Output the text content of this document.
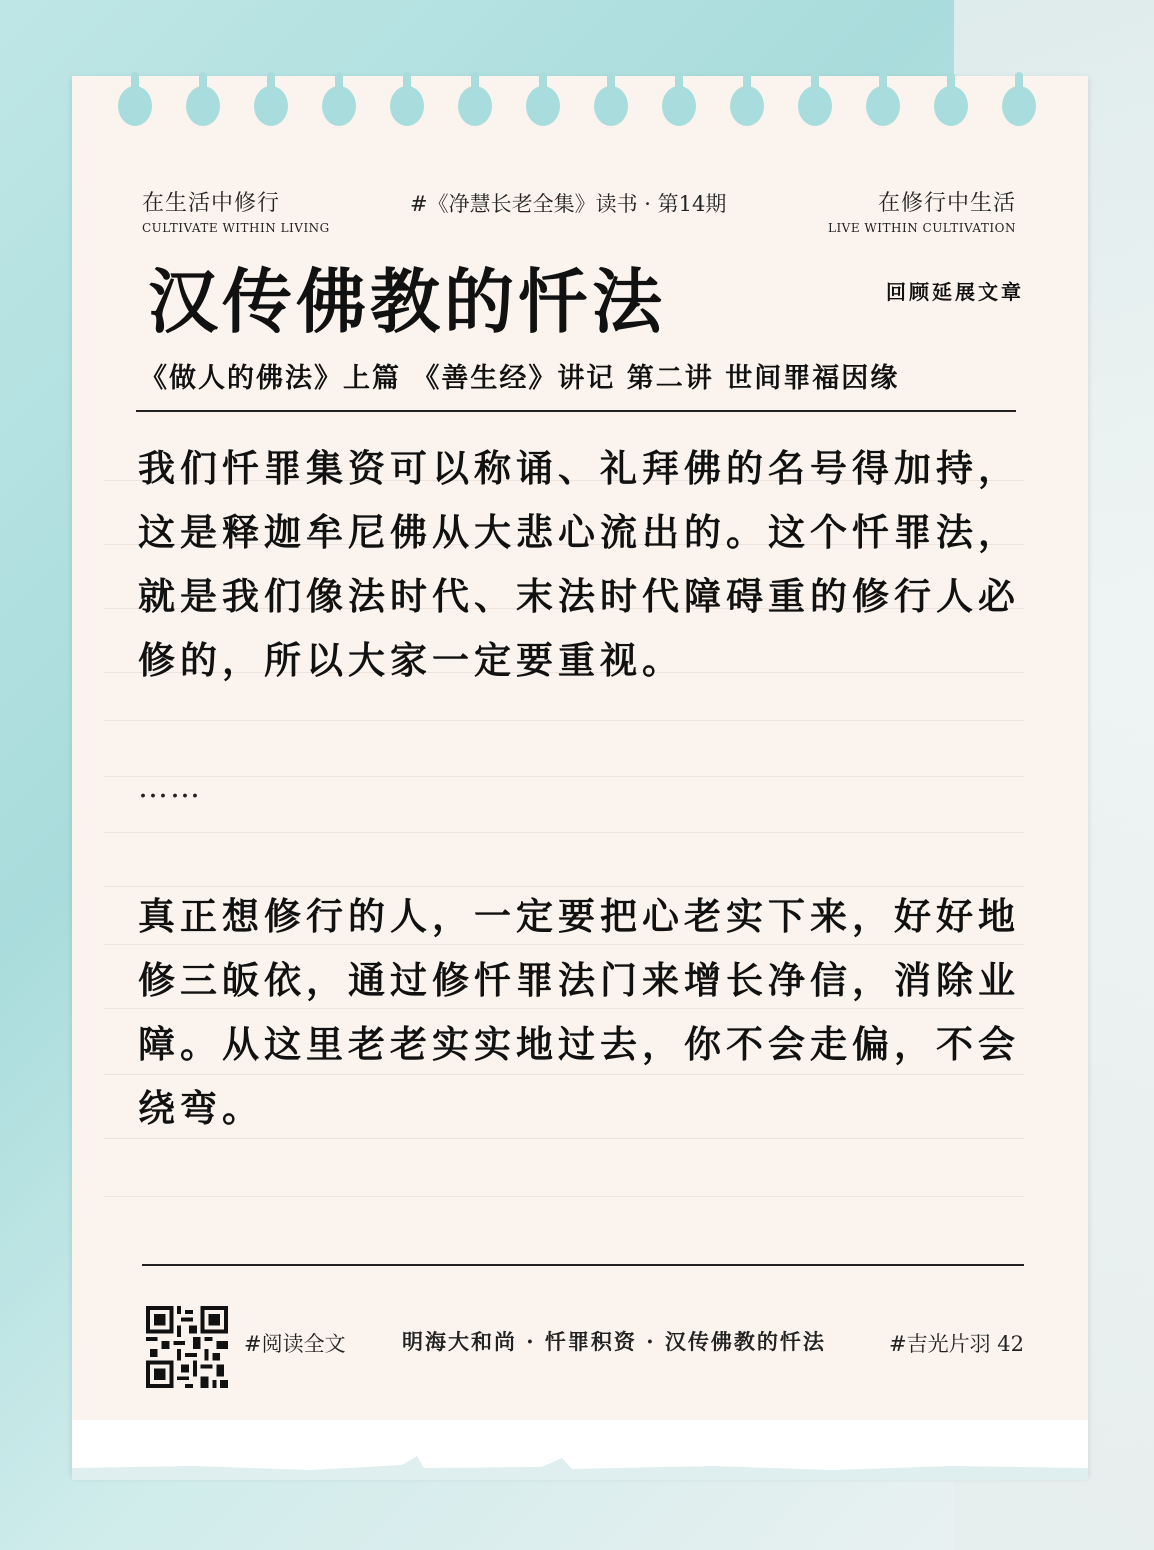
在生活中修行
CULTIVATE WITHIN LIVING
#《净慧长老全集》读书 · 第14期	在修行中生活
LIVE WITHIN CULTIVATION
汉传佛教的忏法	回顾延展文章
《做人的佛法》上篇 《善生经》讲记 第二讲 世间罪福因缘
我们忏罪集资可以称诵、礼拜佛的名号得加持，这是释迦牟尼佛从大悲心流出的。这个忏罪法，就是我们像法时代、末法时代障碍重的修行人必修的，所以大家一定要重视。
……
真正想修行的人，一定要把心老实下来，好好地修三皈依，通过修忏罪法门来增长净信，消除业障。从这里老老实实地过去，你不会走偏，不会绕弯。
#阅读全文	明海大和尚 · 忏罪积资 · 汉传佛教的忏法	#吉光片羽 42
